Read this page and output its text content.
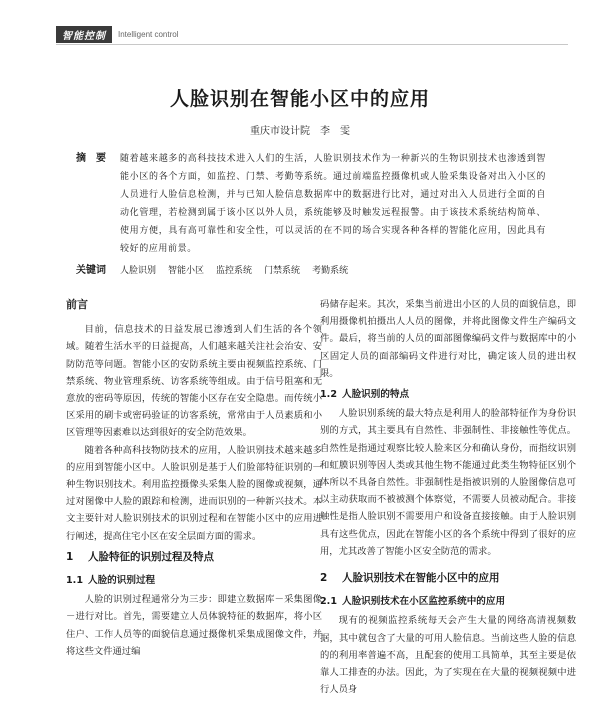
智能控制	Intelligent control
人脸识别在智能小区中的应用
重庆市设计院　李　雯
摘　要	随着越来越多的高科技技术进入人们的生活，人脸识别技术作为一种新兴的生物识别技术也渗透到智能小区的各个方面，如监控、门禁、考勤等系统。通过前端监控摄像机或人脸采集设备对出入小区的人员进行人脸信息检测，并与已知人脸信息数据库中的数据进行比对，通过对出入人员进行全面的自动化管理，若检测到属于该小区以外人员，系统能够及时触发远程报警。由于该技术系统结构简单、使用方便，具有高可靠性和安全性，可以灵活的在不同的场合实现各种各样的智能化应用，因此具有较好的应用前景。
关键词	人脸识别 智能小区 监控系统 门禁系统 考勤系统
前言

目前，信息技术的日益发展已渗透到人们生活的各个领域。随着生活水平的日益提高，人们越来越关注社会治安、安防防范等问题。智能小区的安防系统主要由视频监控系统、门禁系统、物业管理系统、访客系统等组成。由于信号阻塞和无意放的密码等原因，传统的智能小区存在安全隐患。而传统小区采用的刷卡或密码验证的访客系统，常常由于人员素质和小区管理等因素难以达到很好的安全防范效果。

随着各种高科技物防技术的应用，人脸识别技术越来越多的应用到智能小区中。人脸识别是基于人们脸部特征识别的一种生物识别技术。利用监控摄像头采集人脸的图像或视频，通过对图像中人脸的跟踪和检测，进而识别的一种新兴技术。本文主要针对人脸识别技术的识别过程和在智能小区中的应用进行阐述，提高住宅小区在安全层面方面的需求。

1 人脸特征的识别过程及特点
1.1 人脸的识别过程

人脸的识别过程通常分为三步：即建立数据库－采集图像－进行对比。首先，需要建立人员体貌特征的数据库，将小区住户、工作人员等的面貌信息通过摄像机采集成图像文件，并将这些文件通过编

码储存起来。其次，采集当前进出小区的人员的面貌信息，即利用摄像机拍摄出人人员的图像，并将此图像文件生产编码文件。最后，将当前的人员的面部图像编码文件与数据库中的小区固定人员的面部编码文件进行对比，确定该人员的进出权限。

1.2 人脸识别的特点

人脸识别系统的最大特点是利用人的脸部特征作为身份识别的方式，其主要具有自然性、非强制性、非接触性等优点。自然性是指通过观察比较人脸来区分和确认身份，而指纹识别和虹膜识别等因人类或其他生物不能通过此类生物特征区别个体所以不具备自然性。非强制性是指被识别的人脸图像信息可以主动获取而不被被测个体察觉，不需要人员被动配合。非接触性是指人脸识别不需要用户和设备直接接触。由于人脸识别具有这些优点，因此在智能小区的各个系统中得到了很好的应用，尤其改善了智能小区安全防范的需求。

2 人脸识别技术在智能小区中的应用
2.1 人脸识别技术在小区监控系统中的应用

现有的视频监控系统每天会产生大量的网络高清视频数据，其中就包含了大量的可用人脸信息。当前这些人脸的信息的的利用率普遍不高，且配套的使用工具简单，其至主要是依靠人工排查的办法。因此，为了实现在在大量的视频视频中进行人员身
